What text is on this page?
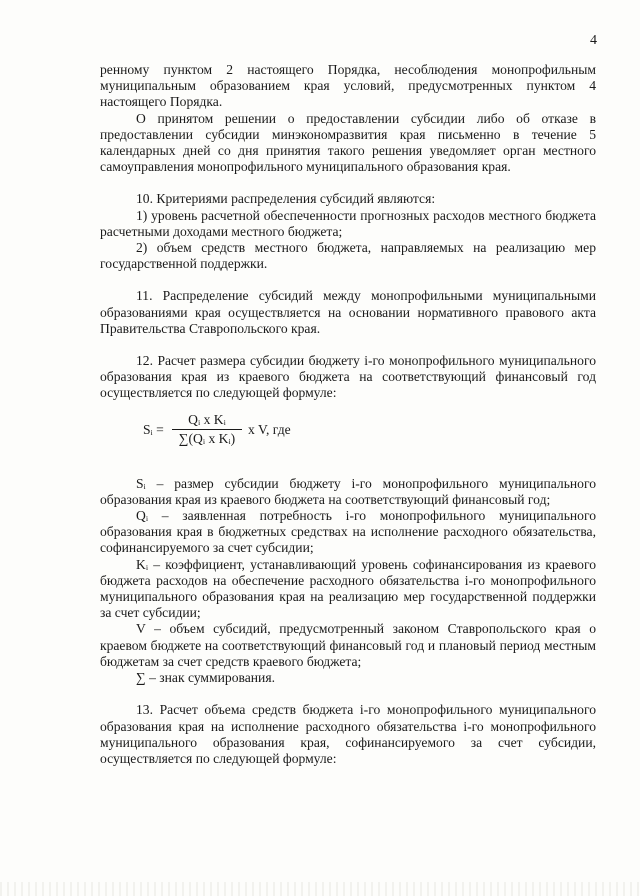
4

ренному пунктом 2 настоящего Порядка, несоблюдения монопрофильным муниципальным образованием края условий, предусмотренных пунктом 4 настоящего Порядка.

О принятом решении о предоставлении субсидии либо об отказе в предоставлении субсидии минэкономразвития края письменно в течение 5 календарных дней со дня принятия такого решения уведомляет орган местного самоуправления монопрофильного муниципального образования края.

10. Критериями распределения субсидий являются:

1) уровень расчетной обеспеченности прогнозных расходов местного бюджета расчетными доходами местного бюджета;

2) объем средств местного бюджета, направляемых на реализацию мер государственной поддержки.

11. Распределение субсидий между монопрофильными муниципальными образованиями края осуществляется на основании нормативного правового акта Правительства Ставропольского края.

12. Расчет размера субсидии бюджету i-го монопрофильного муниципального образования края из краевого бюджета на соответствующий финансовый год осуществляется по следующей формуле:

Sᵢ =
Qᵢ x Kᵢ
∑(Qᵢ x Kᵢ)
x V, где

Sᵢ – размер субсидии бюджету i-го монопрофильного муниципального образования края из краевого бюджета на соответствующий финансовый год;

Qᵢ – заявленная потребность i-го монопрофильного муниципального образования края в бюджетных средствах на исполнение расходного обязательства, софинансируемого за счет субсидии;

Kᵢ – коэффициент, устанавливающий уровень софинансирования из краевого бюджета расходов на обеспечение расходного обязательства i-го монопрофильного муниципального образования края на реализацию мер государственной поддержки за счет субсидии;

V – объем субсидий, предусмотренный законом Ставропольского края о краевом бюджете на соответствующий финансовый год и плановый период местным бюджетам за счет средств краевого бюджета;

∑ – знак суммирования.

13. Расчет объема средств бюджета i-го монопрофильного муниципального образования края на исполнение расходного обязательства i-го монопрофильного муниципального образования края, софинансируемого за счет субсидии, осуществляется по следующей формуле:
